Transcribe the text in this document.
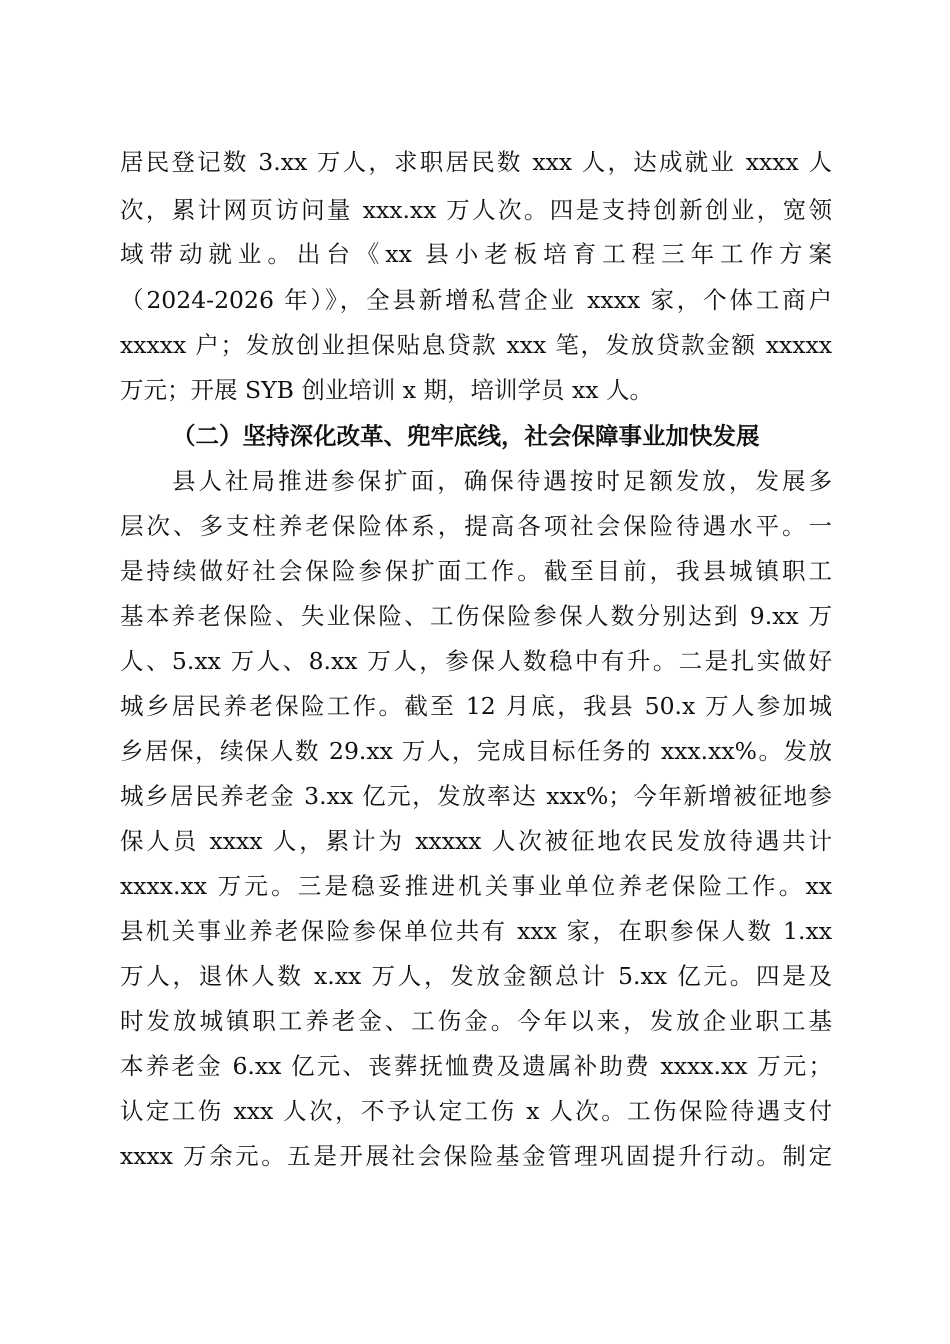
居民登记数 3.xx 万人，求职居民数 xxx 人，达成就业 xxxx 人
次，累计网页访问量 xxx.xx 万人次。四是支持创新创业，宽领
域带动就业。出台《xx 县小老板培育工程三年工作方案
（2024-2026 年）》，全县新增私营企业 xxxx 家，个体工商户
xxxxx 户；发放创业担保贴息贷款 xxx 笔，发放贷款金额 xxxxx
万元；开展 SYB 创业培训 x 期，培训学员 xx 人。
（二）坚持深化改革、兜牢底线，社会保障事业加快发展
县人社局推进参保扩面，确保待遇按时足额发放，发展多
层次、多支柱养老保险体系，提高各项社会保险待遇水平。一
是持续做好社会保险参保扩面工作。截至目前，我县城镇职工
基本养老保险、失业保险、工伤保险参保人数分别达到 9.xx 万
人、5.xx 万人、8.xx 万人，参保人数稳中有升。二是扎实做好
城乡居民养老保险工作。截至 12 月底，我县 50.x 万人参加城
乡居保，续保人数 29.xx 万人，完成目标任务的 xxx.xx%。发放
城乡居民养老金 3.xx 亿元，发放率达 xxx%；今年新增被征地参
保人员 xxxx 人，累计为 xxxxx 人次被征地农民发放待遇共计
xxxx.xx 万元。三是稳妥推进机关事业单位养老保险工作。xx
县机关事业养老保险参保单位共有 xxx 家，在职参保人数 1.xx
万人，退休人数 x.xx 万人，发放金额总计 5.xx 亿元。四是及
时发放城镇职工养老金、工伤金。今年以来，发放企业职工基
本养老金 6.xx 亿元、丧葬抚恤费及遗属补助费 xxxx.xx 万元；
认定工伤 xxx 人次，不予认定工伤 x 人次。工伤保险待遇支付
xxxx 万余元。五是开展社会保险基金管理巩固提升行动。制定
